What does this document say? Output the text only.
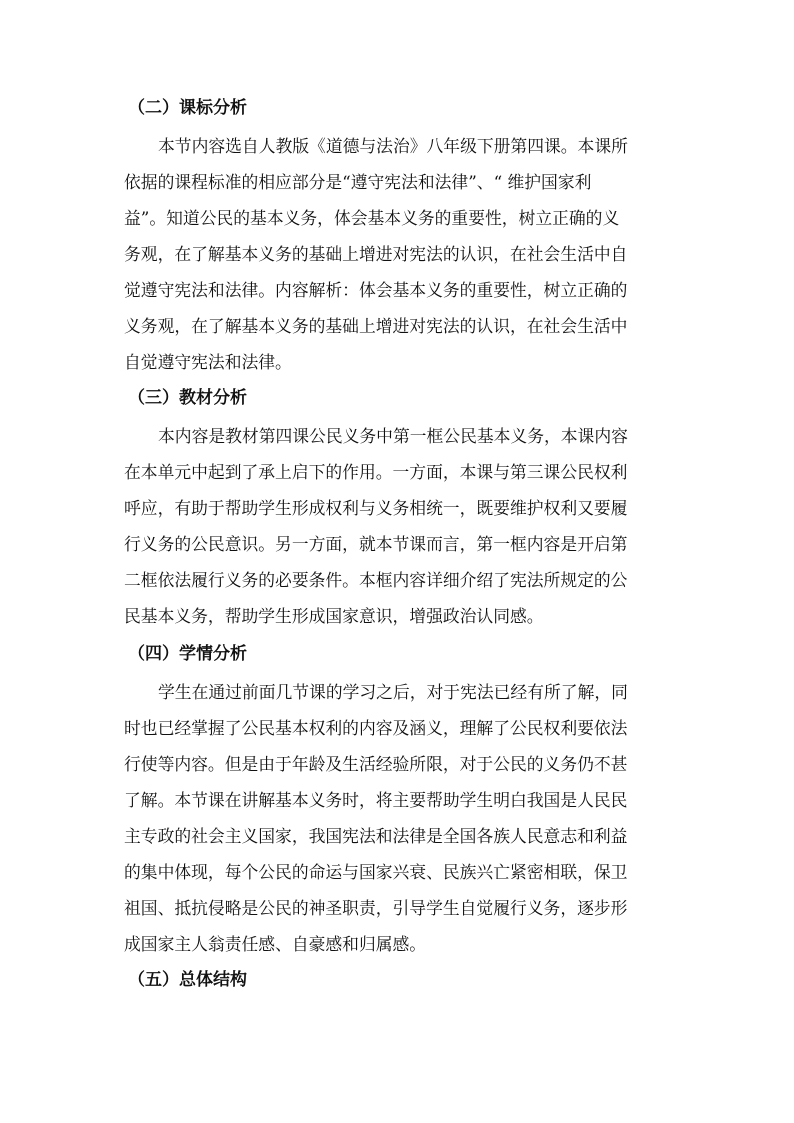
（二）课标分析
本节内容选自人教版《道德与法治》八年级下册第四课。本课所
依据的课程标准的相应部分是“遵守宪法和法律”、“ 维护国家利
益”。知道公民的基本义务，体会基本义务的重要性，树立正确的义
务观，在了解基本义务的基础上增进对宪法的认识，在社会生活中自
觉遵守宪法和法律。内容解析：体会基本义务的重要性，树立正确的
义务观，在了解基本义务的基础上增进对宪法的认识，在社会生活中
自觉遵守宪法和法律。
（三）教材分析
本内容是教材第四课公民义务中第一框公民基本义务，本课内容
在本单元中起到了承上启下的作用。一方面，本课与第三课公民权利
呼应，有助于帮助学生形成权利与义务相统一，既要维护权利又要履
行义务的公民意识。另一方面，就本节课而言，第一框内容是开启第
二框依法履行义务的必要条件。本框内容详细介绍了宪法所规定的公
民基本义务，帮助学生形成国家意识，增强政治认同感。
（四）学情分析
学生在通过前面几节课的学习之后，对于宪法已经有所了解，同
时也已经掌握了公民基本权利的内容及涵义，理解了公民权利要依法
行使等内容。但是由于年龄及生活经验所限，对于公民的义务仍不甚
了解。本节课在讲解基本义务时，将主要帮助学生明白我国是人民民
主专政的社会主义国家，我国宪法和法律是全国各族人民意志和利益
的集中体现，每个公民的命运与国家兴衰、民族兴亡紧密相联，保卫
祖国、抵抗侵略是公民的神圣职责，引导学生自觉履行义务，逐步形
成国家主人翁责任感、自豪感和归属感。
（五）总体结构
